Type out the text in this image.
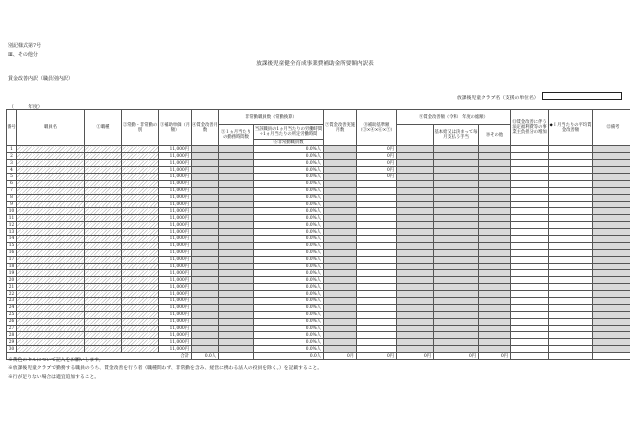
別記様式第7号
Ⅲ、その他分
放課後児童健全育成事業費補助金所要額内訳表
賃金改善内訳（職員別内訳）
放課後児童クラブ名（支援の単位名）
（　　　年度）
番号	職員名	①職種	②常勤・非常勤の別	③補助単価（月額）	④賃金改善月数	非常勤職員数（常勤換算）		⑦賃金改善実施月数	⑧補助基準額（③×④×⑥×⑦）	⑨賃金改善額（令和　年度の総額）			⑪賃金改善に伴う法定福利費等の事業主負担分の増加	◆Ｉ月当たりの平均賃金改善額	⑫備考
						⑤１ヵ月当たりの勤務時間数	当該職員の1ヵ月当たりの労働時間÷1ヵ月当たりの所定労働時間				基本給又は決まって毎月支払う手当	⑩その他			
							⑥非常勤職員数								
1				11,000円			0.0%人		0円						
2				11,000円			0.0%人		0円						
3				11,000円			0.0%人		0円						
4				11,000円			0.0%人		0円						
5				11,000円			0.0%人		0円						
6				11,000円			0.0%人								
7				11,000円			0.0%人								
8				11,000円			0.0%人								
9				11,000円			0.0%人								
10				11,000円			0.0%人								
11				11,000円			0.0%人								
12				11,000円			0.0%人								
13				11,000円			0.0%人								
14				11,000円			0.0%人								
15				11,000円			0.0%人								
16				11,000円			0.0%人								
17				11,000円			0.0%人								
18				11,000円			0.0%人								
19				11,000円			0.0%人								
20				11,000円			0.0%人								
21				11,000円			0.0%人								
22				11,000円			0.0%人								
23				11,000円			0.0%人								
24				11,000円			0.0%人								
25				11,000円			0.0%人								
26				11,000円			0.0%人								
27				11,000円			0.0%人								
28				11,000円			0.0%人								
29				11,000円			0.0%人								
30				11,000円			0.0%人								
合計					0.0人		0.0人	0月	0円	0円	0円	0円			
※黄色のセルについて記入をお願いします。
※放課後児童クラブで勤務する職員のうち、賃金改善を行う者（職種問わず、非常勤を含み、経営に携わる法人の役員を除く。）を記載すること。
※行が足りない場合は適宜追加すること。
